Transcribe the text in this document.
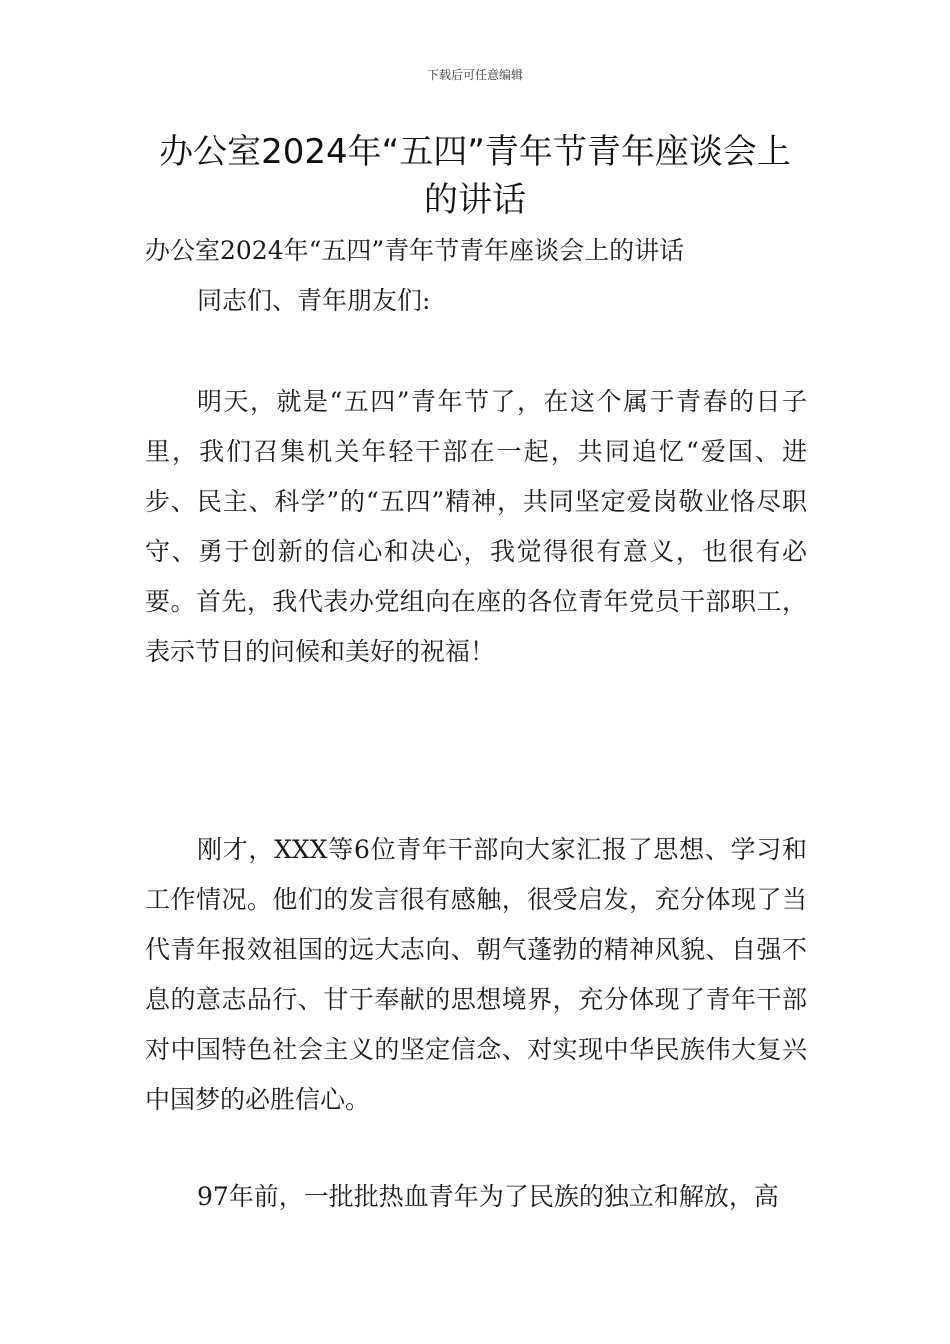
下载后可任意编辑
办公室2024年“五四”青年节青年座谈会上的讲话

办公室2024年“五四”青年节青年座谈会上的讲话

同志们、青年朋友们:

明天，就是“五四”青年节了，在这个属于青春的日子里，我们召集机关年轻干部在一起，共同追忆“爱国、进步、民主、科学”的“五四”精神，共同坚定爱岗敬业恪尽职守、勇于创新的信心和决心，我觉得很有意义，也很有必要。首先，我代表办党组向在座的各位青年党员干部职工，表示节日的问候和美好的祝福！

刚才，XXX等6位青年干部向大家汇报了思想、学习和工作情况。他们的发言很有感触，很受启发，充分体现了当代青年报效祖国的远大志向、朝气蓬勃的精神风貌、自强不息的意志品行、甘于奉献的思想境界，充分体现了青年干部对中国特色社会主义的坚定信念、对实现中华民族伟大复兴中国梦的必胜信心。

97年前，一批批热血青年为了民族的独立和解放，高
